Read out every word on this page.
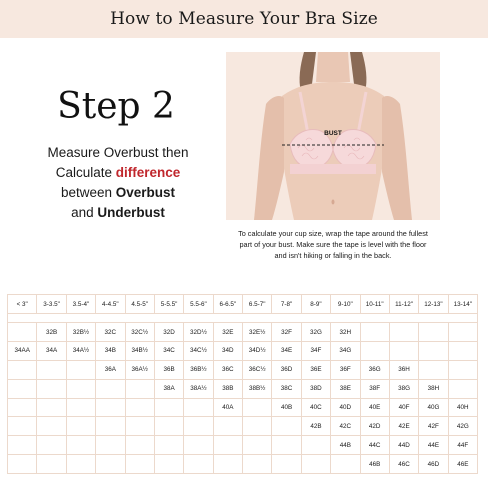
How to Measure Your Bra Size
Step 2
Measure Overbust then
Calculate difference
between Overbust
and Underbust
BUST
To calculate your cup size, wrap the tape around the fullest part of your bust. Make sure the tape is level with the floor and isn't hiking or falling in the back.
< 3"	3-3.5"	3.5-4"	4-4.5"	4.5-5"	5-5.5"	5.5-6"	6-6.5"	6.5-7"	7-8"	8-9"	9-10"	10-11"	11-12"	12-13"	13-14"

	32B	32B½	32C	32C½	32D	32D½	32E	32E½	32F	32G	32H				
34AA	34A	34A½	34B	34B½	34C	34C½	34D	34D½	34E	34F	34G				
			36A	36A½	36B	36B½	36C	36C½	36D	36E	36F	36G	36H		
					38A	38A½	38B	38B½	38C	38D	38E	38F	38G	38H	
							40A		40B	40C	40D	40E	40F	40G	40H
										42B	42C	42D	42E	42F	42G
											44B	44C	44D	44E	44F
												46B	46C	46D	46E
